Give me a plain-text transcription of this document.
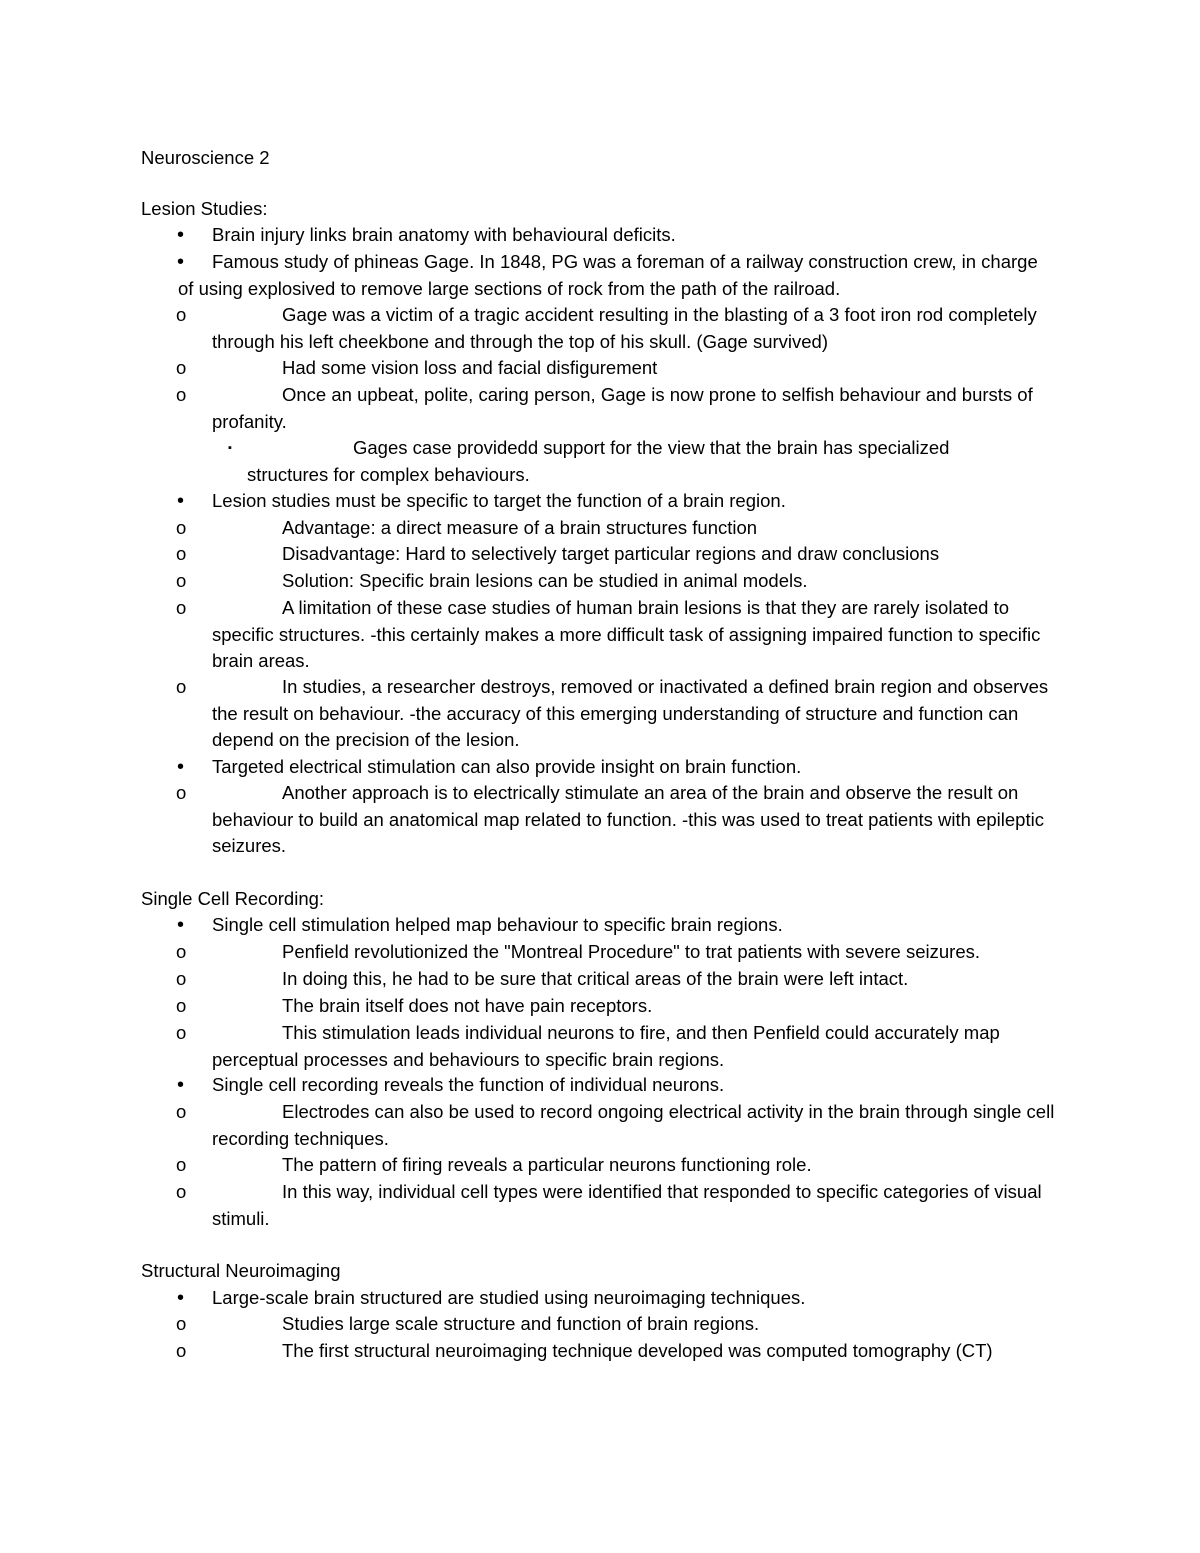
Neuroscience 2
Lesion Studies:
•	Brain injury links brain anatomy with behavioural deficits.
•	Famous study of phineas Gage. In 1848, PG was a foreman of a railway construction crew, in charge of using explosived to remove large sections of rock from the path of the railroad.
o	Gage was a victim of a tragic accident resulting in the blasting of a 3 foot iron rod completely through his left cheekbone and through the top of his skull. (Gage survived)
o	Had some vision loss and facial disfigurement
o	Once an upbeat, polite, caring person, Gage is now prone to selfish behaviour and bursts of profanity.
▪	Gages case providedd support for the view that the brain has specialized structures for complex behaviours.
•	Lesion studies must be specific to target the function of a brain region.
o	Advantage: a direct measure of a brain structures function
o	Disadvantage: Hard to selectively target particular regions and draw conclusions
o	Solution: Specific brain lesions can be studied in animal models.
o	A limitation of these case studies of human brain lesions is that they are rarely isolated to specific structures. -this certainly makes a more difficult task of assigning impaired function to specific brain areas.
o	In studies, a researcher destroys, removed or inactivated a defined brain region and observes the result on behaviour. -the accuracy of this emerging understanding of structure and function can depend on the precision of the lesion.
•	Targeted electrical stimulation can also provide insight on brain function.
o	Another approach is to electrically stimulate an area of the brain and observe the result on behaviour to build an anatomical map related to function. -this was used to treat patients with epileptic seizures.
Single Cell Recording:
•	Single cell stimulation helped map behaviour to specific brain regions.
o	Penfield revolutionized the "Montreal Procedure" to trat patients with severe seizures.
o	In doing this, he had to be sure that critical areas of the brain were left intact.
o	The brain itself does not have pain receptors.
o	This stimulation leads individual neurons to fire, and then Penfield could accurately map perceptual processes and behaviours to specific brain regions.
•	Single cell recording reveals the function of individual neurons.
o	Electrodes can also be used to record ongoing electrical activity in the brain through single cell recording techniques.
o	The pattern of firing reveals a particular neurons functioning role.
o	In this way, individual cell types were identified that responded to specific categories of visual stimuli.
Structural Neuroimaging
•	Large-scale brain structured are studied using neuroimaging techniques.
o	Studies large scale structure and function of brain regions.
o	The first structural neuroimaging technique developed was computed tomography (CT)
